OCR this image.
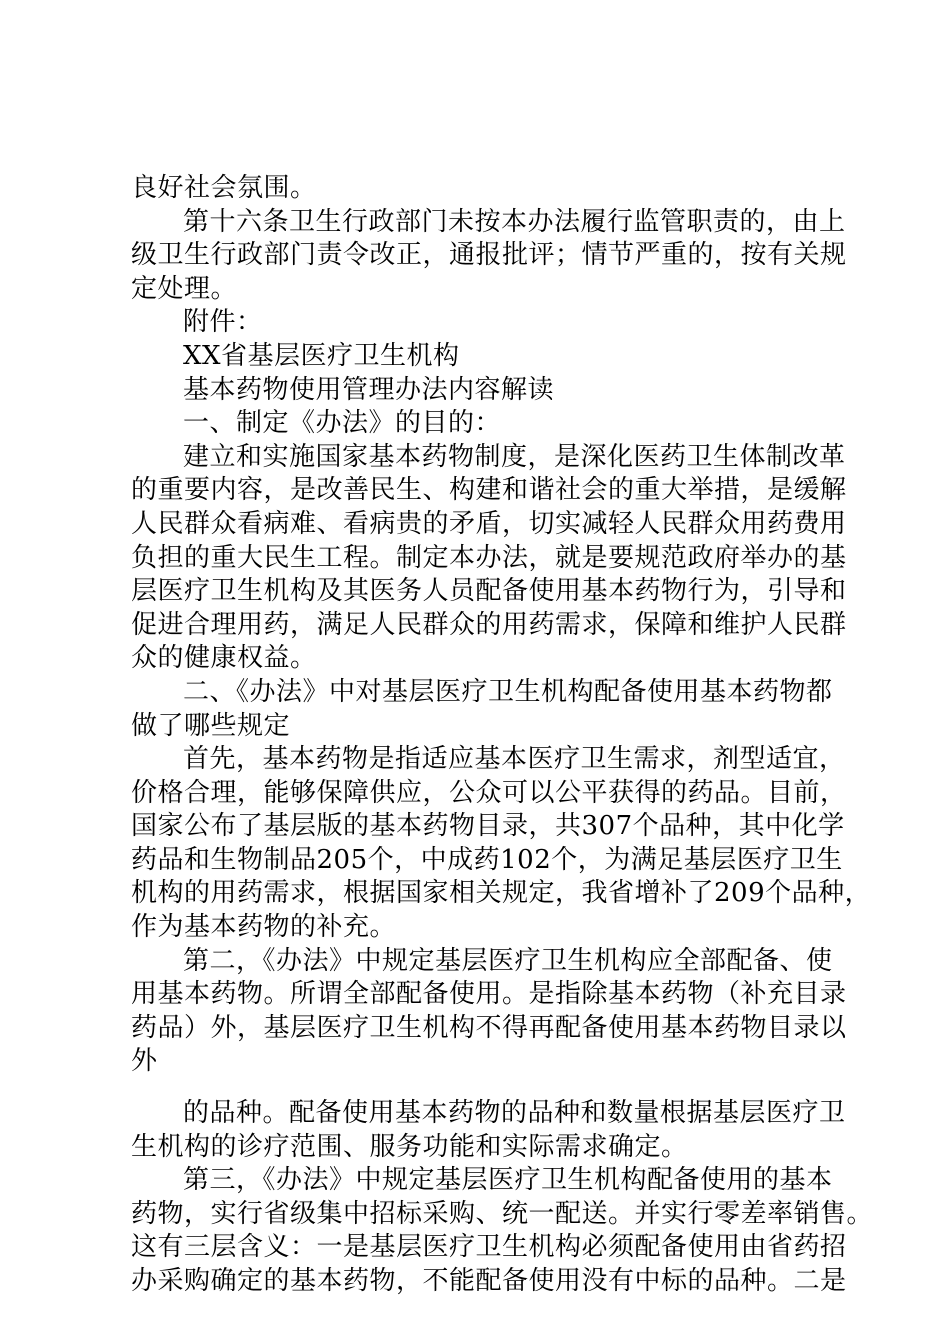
良好社会氛围。
第十六条卫生行政部门未按本办法履行监管职责的，由上
级卫生行政部门责令改正，通报批评；情节严重的，按有关规
定处理。
附件：
XX省基层医疗卫生机构
基本药物使用管理办法内容解读
一、制定《办法》的目的：
建立和实施国家基本药物制度，是深化医药卫生体制改革
的重要内容，是改善民生、构建和谐社会的重大举措，是缓解
人民群众看病难、看病贵的矛盾，切实减轻人民群众用药费用
负担的重大民生工程。制定本办法，就是要规范政府举办的基
层医疗卫生机构及其医务人员配备使用基本药物行为，引导和
促进合理用药，满足人民群众的用药需求，保障和维护人民群
众的健康权益。
二、《办法》中对基层医疗卫生机构配备使用基本药物都
做了哪些规定
首先，基本药物是指适应基本医疗卫生需求，剂型适宜，
价格合理，能够保障供应，公众可以公平获得的药品。目前，
国家公布了基层版的基本药物目录，共307个品种，其中化学
药品和生物制品205个，中成药102个，为满足基层医疗卫生
机构的用药需求，根据国家相关规定，我省增补了209个品种，
作为基本药物的补充。
第二，《办法》中规定基层医疗卫生机构应全部配备、使
用基本药物。所谓全部配备使用。是指除基本药物（补充目录
药品）外，基层医疗卫生机构不得再配备使用基本药物目录以
外
的品种。配备使用基本药物的品种和数量根据基层医疗卫
生机构的诊疗范围、服务功能和实际需求确定。
第三，《办法》中规定基层医疗卫生机构配备使用的基本
药物，实行省级集中招标采购、统一配送。并实行零差率销售。
这有三层含义：一是基层医疗卫生机构必须配备使用由省药招
办采购确定的基本药物，不能配备使用没有中标的品种。二是
